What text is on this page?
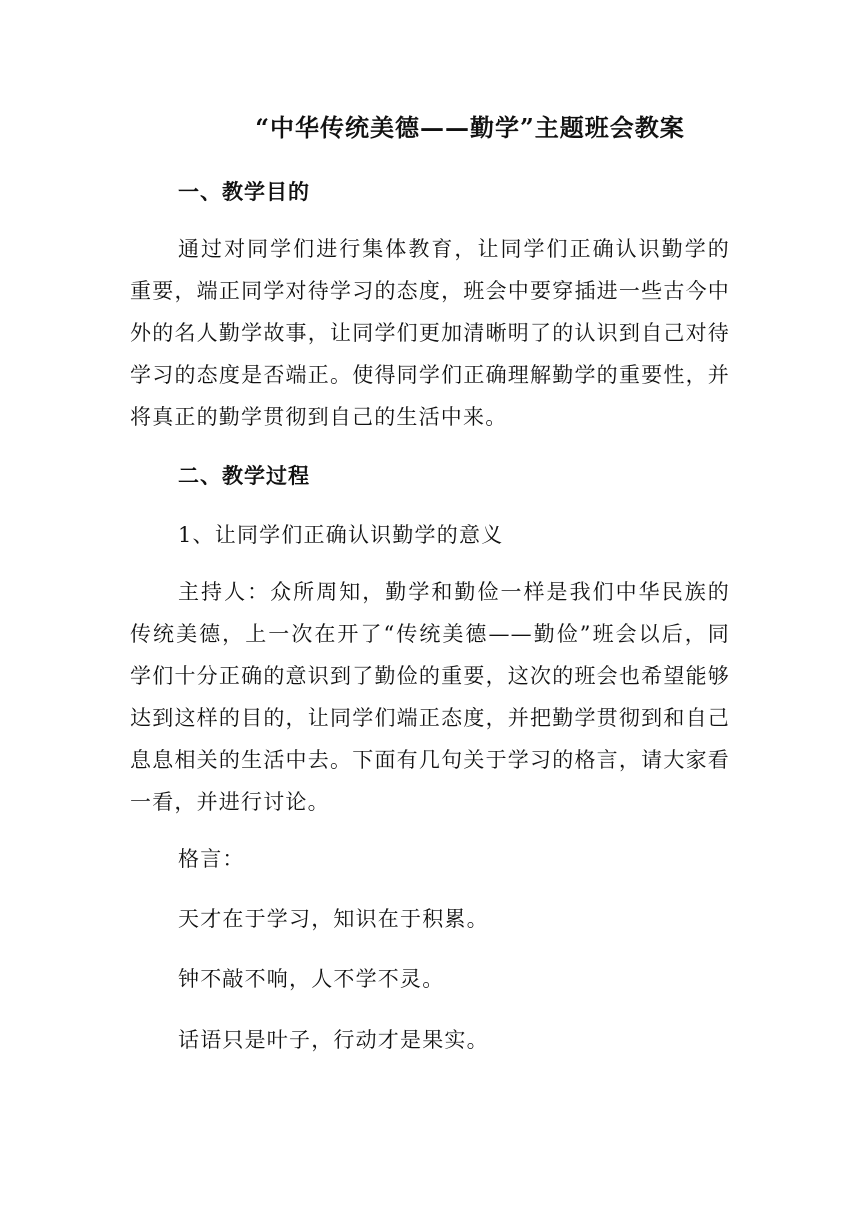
“中华传统美德——勤学”主题班会教案
一、教学目的

通过对同学们进行集体教育，让同学们正确认识勤学的重要，端正同学对待学习的态度，班会中要穿插进一些古今中外的名人勤学故事，让同学们更加清晰明了的认识到自己对待学习的态度是否端正。使得同学们正确理解勤学的重要性，并将真正的勤学贯彻到自己的生活中来。

二、教学过程
1、让同学们正确认识勤学的意义

主持人：众所周知，勤学和勤俭一样是我们中华民族的传统美德，上一次在开了“传统美德——勤俭”班会以后，同学们十分正确的意识到了勤俭的重要，这次的班会也希望能够达到这样的目的，让同学们端正态度，并把勤学贯彻到和自己息息相关的生活中去。下面有几句关于学习的格言，请大家看一看，并进行讨论。

格言：
天才在于学习，知识在于积累。
钟不敲不响，人不学不灵。
话语只是叶子，行动才是果实。
